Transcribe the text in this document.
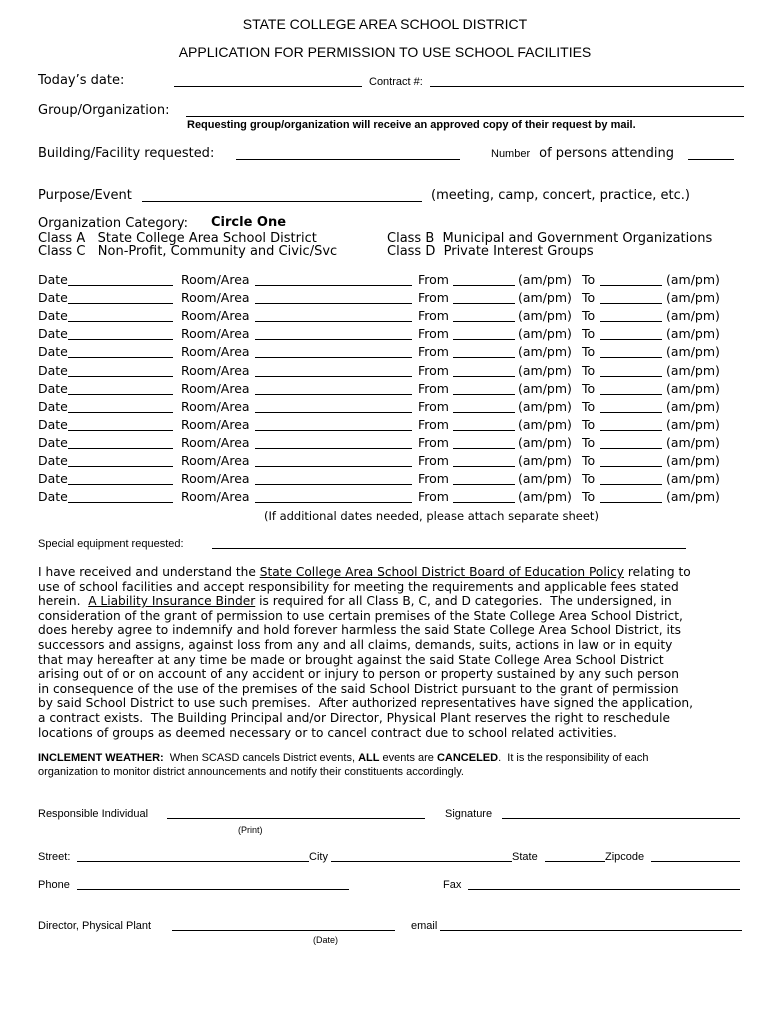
STATE COLLEGE AREA SCHOOL DISTRICT
APPLICATION FOR PERMISSION TO USE SCHOOL FACILITIES
Today’s date:	Contract #:
Group/Organization:
Requesting group/organization will receive an approved copy of their request by mail.
Building/Facility requested:	Number of persons attending
Purpose/Event	(meeting, camp, concert, practice, etc.)
Organization Category: Circle One
Class A   State College Area School District	Class B  Municipal and Government Organizations
Class C   Non-Profit, Community and Civic/Svc	Class D  Private Interest Groups
Date	Room/Area	From	(am/pm) To	(am/pm)
Date	Room/Area	From	(am/pm) To	(am/pm)
Date	Room/Area	From	(am/pm) To	(am/pm)
Date	Room/Area	From	(am/pm) To	(am/pm)
Date	Room/Area	From	(am/pm) To	(am/pm)
Date	Room/Area	From	(am/pm) To	(am/pm)
Date	Room/Area	From	(am/pm) To	(am/pm)
Date	Room/Area	From	(am/pm) To	(am/pm)
Date	Room/Area	From	(am/pm) To	(am/pm)
Date	Room/Area	From	(am/pm) To	(am/pm)
Date	Room/Area	From	(am/pm) To	(am/pm)
Date	Room/Area	From	(am/pm) To	(am/pm)
Date	Room/Area	From	(am/pm) To	(am/pm)
(If additional dates needed, please attach separate sheet)
Special equipment requested:
I have received and understand the State College Area School District Board of Education Policy relating to
use of school facilities and accept responsibility for meeting the requirements and applicable fees stated
herein.  A Liability Insurance Binder is required for all Class B, C, and D categories.  The undersigned, in
consideration of the grant of permission to use certain premises of the State College Area School District,
does hereby agree to indemnify and hold forever harmless the said State College Area School District, its
successors and assigns, against loss from any and all claims, demands, suits, actions in law or in equity
that may hereafter at any time be made or brought against the said State College Area School District
arising out of or on account of any accident or injury to person or property sustained by any such person
in consequence of the use of the premises of the said School District pursuant to the grant of permission
by said School District to use such premises.  After authorized representatives have signed the application,
a contract exists.  The Building Principal and/or Director, Physical Plant reserves the right to reschedule
locations of groups as deemed necessary or to cancel contract due to school related activities.
INCLEMENT WEATHER:  When SCASD cancels District events, ALL events are CANCELED.  It is the responsibility of each
organization to monitor district announcements and notify their constituents accordingly.
Responsible Individual
(Print)
Signature
Street:	City	State	Zipcode
Phone	Fax
Director, Physical Plant
(Date)
email
